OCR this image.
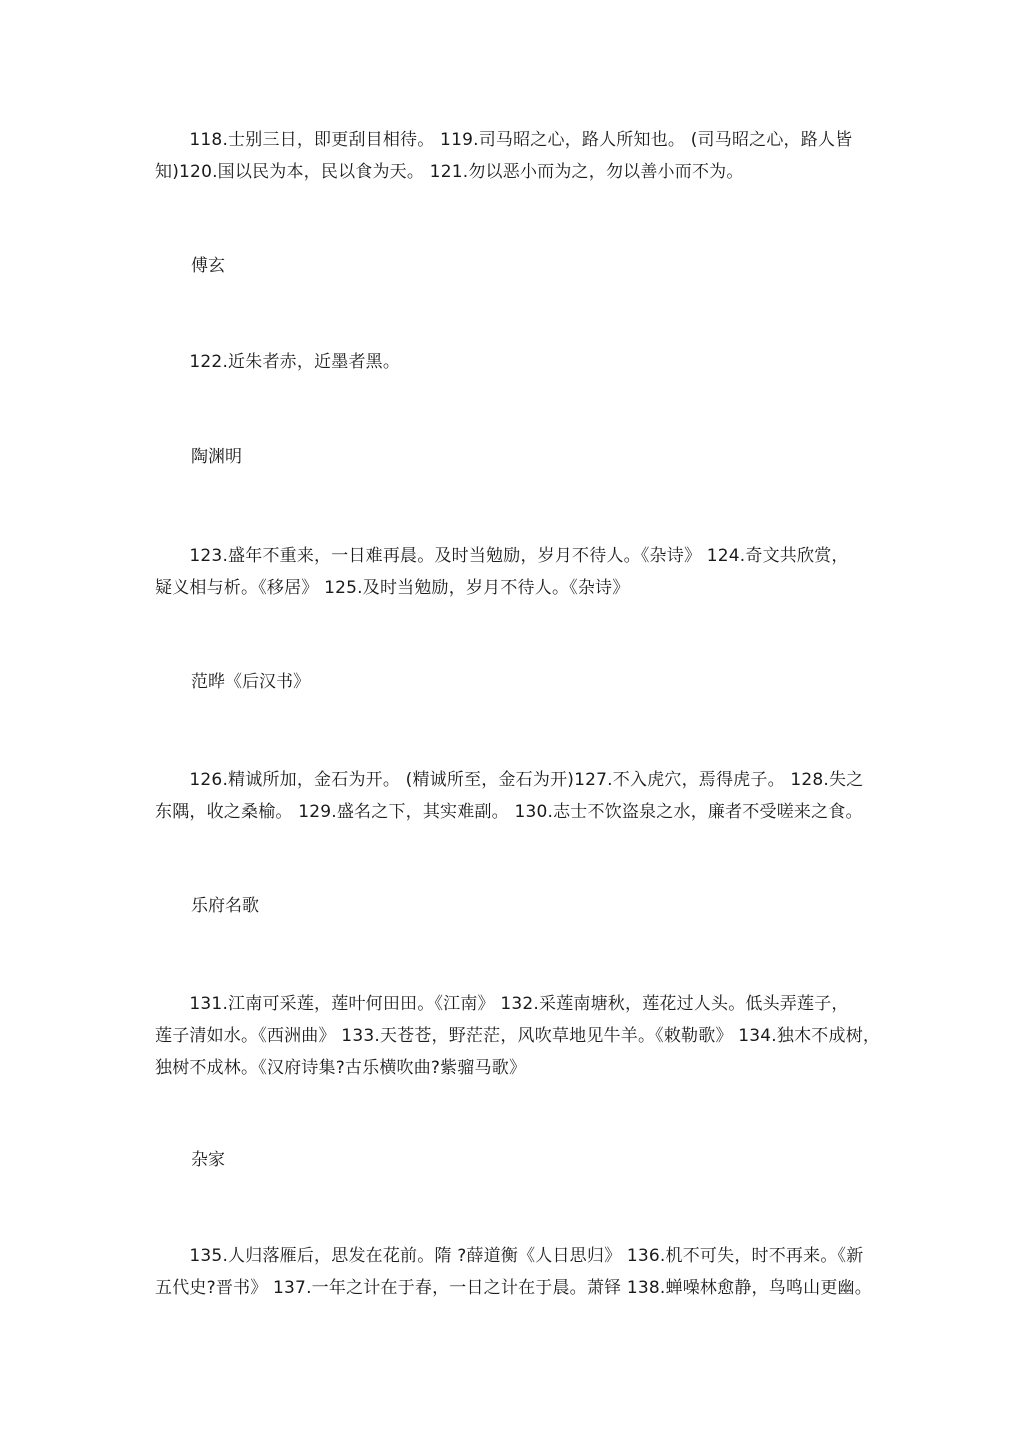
　　118.士别三日，即更刮目相待。 119.司马昭之心，路人所知也。 (司马昭之心，路人皆
知)120.国以民为本，民以食为天。 121.勿以恶小而为之，勿以善小而不为。

傅玄

　　122.近朱者赤，近墨者黑。

陶渊明

　　123.盛年不重来，一日难再晨。及时当勉励，岁月不待人。《杂诗》 124.奇文共欣赏，
疑义相与析。《移居》 125.及时当勉励，岁月不待人。《杂诗》

范晔《后汉书》

　　126.精诚所加，金石为开。 (精诚所至，金石为开)127.不入虎穴，焉得虎子。 128.失之
东隅，收之桑榆。 129.盛名之下，其实难副。 130.志士不饮盗泉之水，廉者不受嗟来之食。

乐府名歌

　　131.江南可采莲，莲叶何田田。《江南》 132.采莲南塘秋，莲花过人头。低头弄莲子，
莲子清如水。《西洲曲》 133.天苍苍，野茫茫，风吹草地见牛羊。《敕勒歌》 134.独木不成树，
独树不成林。《汉府诗集?古乐横吹曲?紫骝马歌》

杂家

　　135.人归落雁后，思发在花前。隋 ?薛道衡《人日思归》 136.机不可失，时不再来。《新
五代史?晋书》 137.一年之计在于春，一日之计在于晨。萧铎 138.蝉噪林愈静，鸟鸣山更幽。
